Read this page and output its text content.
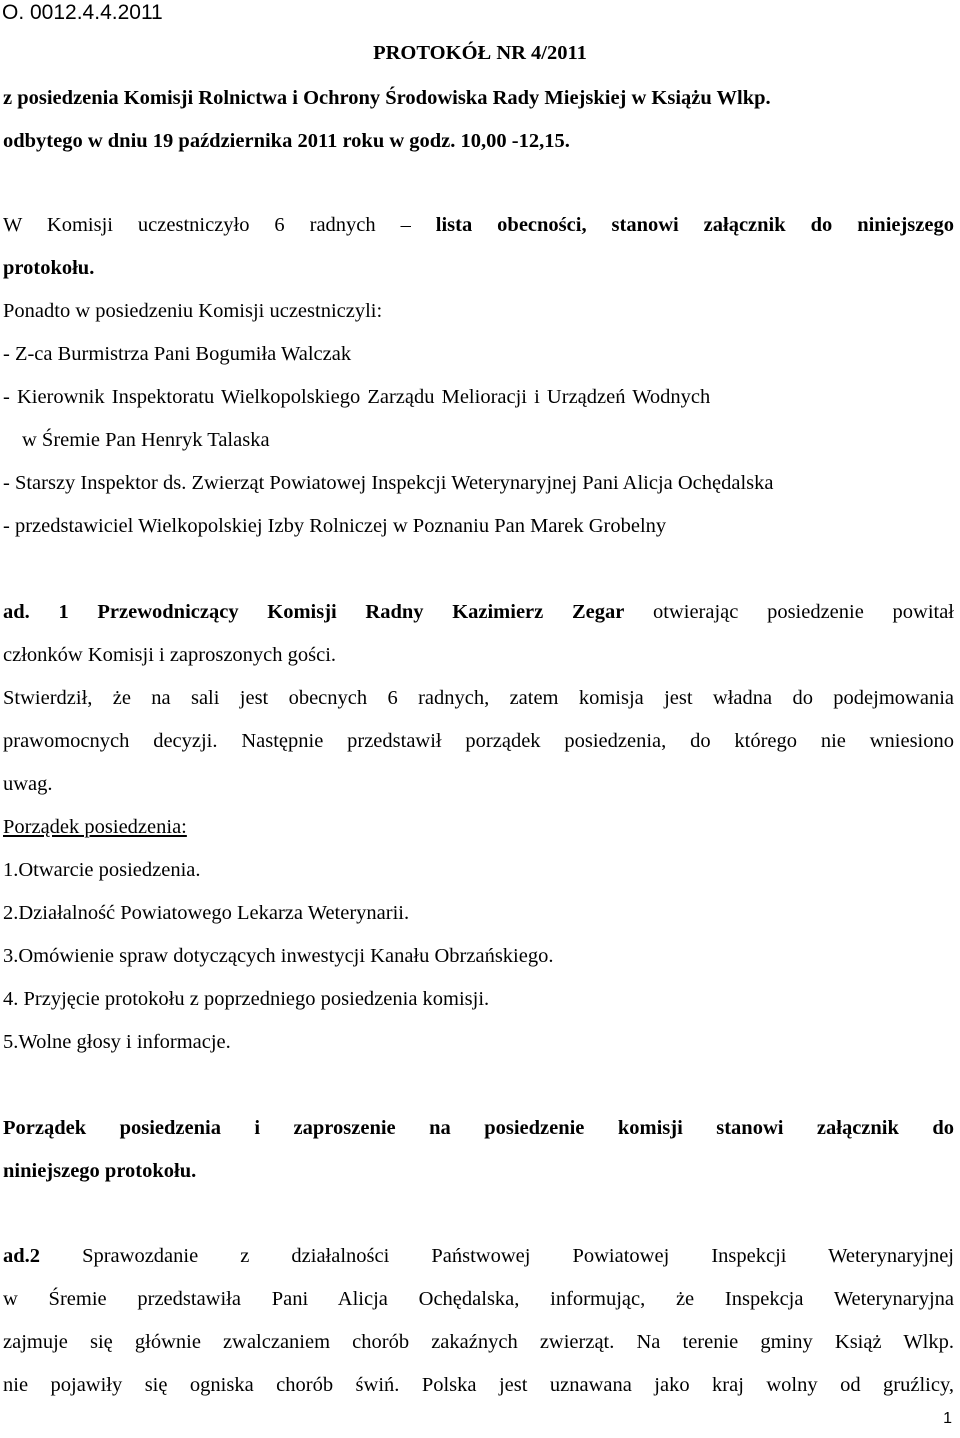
O. 0012.4.4.2011
PROTOKÓŁ NR 4/2011
z posiedzenia Komisji Rolnictwa i Ochrony Środowiska Rady Miejskiej w Książu Wlkp.
odbytego w dniu 19 października 2011 roku w godz. 10,00 -12,15.
W Komisji uczestniczyło 6 radnych – lista obecności, stanowi załącznik do niniejszego
protokołu.
Ponadto w posiedzeniu Komisji uczestniczyli:
- Z-ca Burmistrza Pani Bogumiła Walczak
- Kierownik Inspektoratu Wielkopolskiego Zarządu Melioracji i Urządzeń Wodnych
w Śremie Pan Henryk Talaska
- Starszy Inspektor ds. Zwierząt Powiatowej Inspekcji Weterynaryjnej Pani Alicja Ochędalska
- przedstawiciel Wielkopolskiej Izby Rolniczej w Poznaniu Pan Marek Grobelny
ad. 1 Przewodniczący Komisji Radny Kazimierz Zegar otwierając posiedzenie powitał
członków Komisji i zaproszonych gości.
Stwierdził, że na sali jest obecnych 6 radnych, zatem komisja jest władna do podejmowania
prawomocnych decyzji. Następnie przedstawił porządek posiedzenia, do którego nie wniesiono
uwag.
Porządek posiedzenia:
1.Otwarcie posiedzenia.
2.Działalność Powiatowego Lekarza Weterynarii.
3.Omówienie spraw dotyczących inwestycji Kanału Obrzańskiego.
4. Przyjęcie protokołu z poprzedniego posiedzenia komisji.
5.Wolne głosy i informacje.
Porządek posiedzenia i zaproszenie na posiedzenie komisji stanowi załącznik do
niniejszego protokołu.
ad.2 Sprawozdanie z działalności Państwowej Powiatowej Inspekcji Weterynaryjnej
w Śremie przedstawiła Pani Alicja Ochędalska, informując, że Inspekcja Weterynaryjna
zajmuje się głównie zwalczaniem chorób zakaźnych zwierząt. Na terenie gminy Książ Wlkp.
nie pojawiły się ogniska chorób świń. Polska jest uznawana jako kraj wolny od gruźlicy,
1
